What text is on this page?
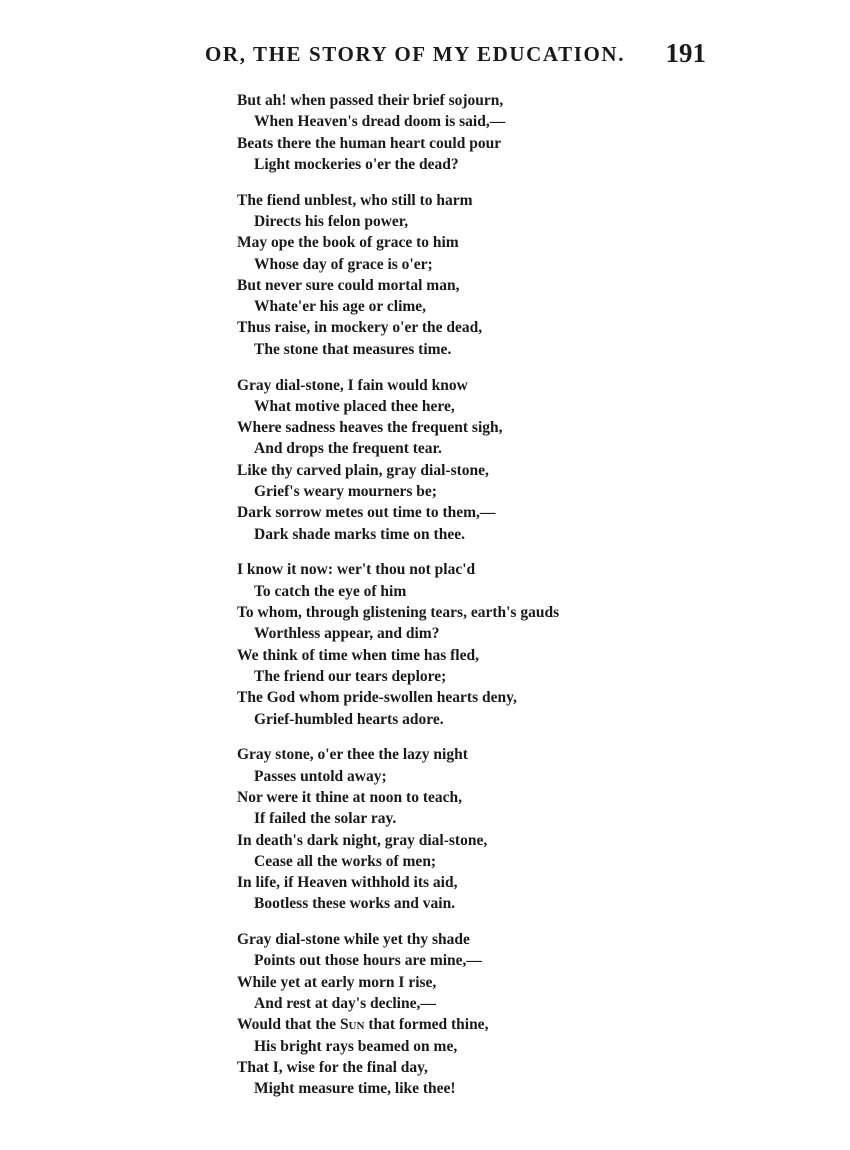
OR, THE STORY OF MY EDUCATION. 191
But ah! when passed their brief sojourn,
When Heaven's dread doom is said,—
Beats there the human heart could pour
Light mockeries o'er the dead?
The fiend unblest, who still to harm
Directs his felon power,
May ope the book of grace to him
Whose day of grace is o'er;
But never sure could mortal man,
Whate'er his age or clime,
Thus raise, in mockery o'er the dead,
The stone that measures time.
Gray dial-stone, I fain would know
What motive placed thee here,
Where sadness heaves the frequent sigh,
And drops the frequent tear.
Like thy carved plain, gray dial-stone,
Grief's weary mourners be;
Dark sorrow metes out time to them,—
Dark shade marks time on thee.
I know it now: wer't thou not plac'd
To catch the eye of him
To whom, through glistening tears, earth's gauds
Worthless appear, and dim?
We think of time when time has fled,
The friend our tears deplore;
The God whom pride-swollen hearts deny,
Grief-humbled hearts adore.
Gray stone, o'er thee the lazy night
Passes untold away;
Nor were it thine at noon to teach,
If failed the solar ray.
In death's dark night, gray dial-stone,
Cease all the works of men;
In life, if Heaven withhold its aid,
Bootless these works and vain.
Gray dial-stone while yet thy shade
Points out those hours are mine,—
While yet at early morn I rise,
And rest at day's decline,—
Would that the Sun that formed thine,
His bright rays beamed on me,
That I, wise for the final day,
Might measure time, like thee!
